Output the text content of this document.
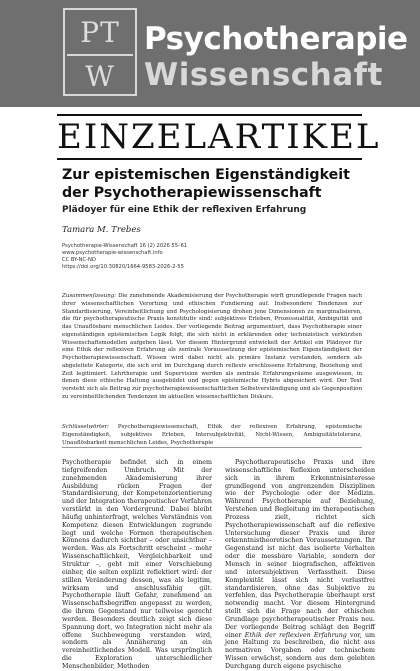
PT
W
Psychotherapie
Wissenschaft
EINZELARTIKEL
Zur epistemischen Eigenständigkeit der Psychotherapiewissenschaft
Plädoyer für eine Ethik der reflexiven Erfahrung
Tamara M. Trebes
Psychotherapie-Wissenschaft 16 (2) 2026 55–61
www.psychotherapie-wissenschaft.info
CC BY-NC-ND
https://doi.org/10.30820/1664-9583-2026-2-55
Zusammenfassung: Die zunehmende Akademisierung der Psychotherapie wirft grundlegende Fragen nach ihrer wissenschaftlichen Verortung und ethischen Fundierung auf. Insbesondere Tendenzen zur Standardisierung, Vereinheitlichung und Psychologisierung drohen jene Dimensionen zu marginalisieren, die für psychotherapeutische Praxis konstitutiv sind: subjektives Erleben, Prozessualität, Ambiguität und das Unauflösbare menschlichen Leides. Der vorliegende Beitrag argumentiert, dass Psychotherapie einer eigenständigen epistemischen Logik folgt, die sich nicht in erklärenden oder technizistisch verkürzten Wissenschaftsmodellen aufgehen lässt. Vor diesem Hintergrund entwickelt der Artikel ein Plädoyer für eine Ethik der reflexiven Erfahrung als zentrale Voraussetzung der epistemischen Eigenständigkeit der Psychotherapiewissenschaft. Wissen wird dabei nicht als primäre Instanz verstanden, sondern als abgeleitete Kategorie, die sich erst im Durchgang durch reflexiv erschlossene Erfahrung, Beziehung und Zeit legitimiert. Lehrtherapie und Supervision werden als zentrale Erfahrungsräume ausgewiesen, in denen diese ethische Haltung ausgebildet und gegen epistemische Hybris abgesichert wird. Der Text versteht sich als Beitrag zur psychotherapiewissenschaftlichen Selbstverständigung und als Gegenposition zu vereinheitlichenden Tendenzen im aktuellen wissenschaftlichen Diskurs.
Schlüsselwörter: Psychotherapiewissenschaft, Ethik der reflexiven Erfahrung, epistemische Eigenständigkeit, subjektives Erleben, Intersubjektivität, Nicht-Wissen, Ambiguitätstoleranz, Unauflösbarkeit menschlichen Leides, Psychotherapie
Psychotherapie befindet sich in einem tiefgreifenden Umbruch. Mit der zunehmenden Akademisierung ihrer Ausbildung rücken Fragen der Standardisierung, der Kompetenzorientierung und der Integration therapeutischer Verfahren verstärkt in den Vordergrund. Dabei bleibt häufig unhinterfragt, welches Verständnis von Kompetenz diesen Entwicklungen zugrunde liegt und welche Formen therapeutischen Könnens dadurch sichtbar – oder unsichtbar – werden. Was als Fortschritt erscheint – mehr Wissenschaftlichkeit, Vergleichbarkeit und Struktur –, geht mit einer Verschiebung einher, die selten explizit reflektiert wird: der stillen Veränderung dessen, was als legitim, wirksam und anschlussfähig gilt. Psychotherapie läuft Gefahr, zunehmend an Wissenschaftsbegriffen angepasst zu werden, die ihrem Gegenstand nur teilweise gerecht werden. Besonders deutlich zeigt sich diese Spannung dort, wo Integration nicht mehr als offene Suchbewegung verstanden wird, sondern als Annäherung an ein vereinheitlichendes Modell. Was ursprünglich die Exploration unterschiedlicher Menschenbilder, Methoden
Psychotherapeutische Praxis und ihre wissenschaftliche Reflexion unterscheiden sich in ihrem Erkenntnisinteresse grundlegend von angrenzenden Disziplinen wie der Psychologie oder der Medizin. Während Psychotherapie auf Beziehung, Verstehen und Begleitung im therapeutischen Prozess zielt, richtet sich Psychotherapiewissenschaft auf die reflexive Untersuchung dieser Praxis und ihrer erkenntnistheoretischen Voraussetzungen. Ihr Gegenstand ist nicht das isolierte Verhalten oder die messbare Variable, sondern der Mensch in seiner biografischen, affektiven und intersubjektiven Verfasstheit. Diese Komplexität lässt sich nicht verlustfrei standardisieren, ohne das Subjektive zu verfehlen, das Psychotherapie überhaupt erst notwendig macht. Vor diesem Hintergrund stellt sich die Frage nach der ethischen Grundlage psychotherapeutischer Praxis neu. Der vorliegende Beitrag schlägt den Begriff einer Ethik der reflexiven Erfahrung vor, um jene Haltung zu beschreiben, die nicht aus normativen Vorgaben oder technischem Wissen erwächst, sondern aus dem gelebten Durchgang durch eigene psychische
